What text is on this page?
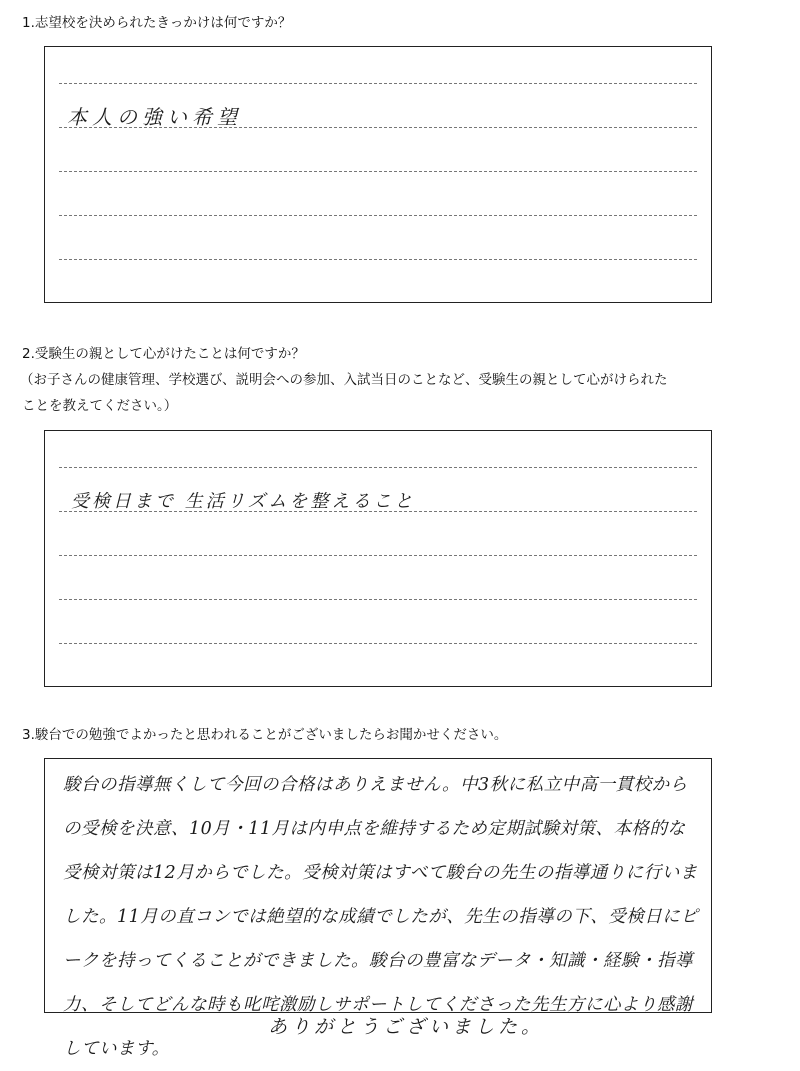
1.志望校を決められたきっかけは何ですか？

本人の強い希望

2.受験生の親として心がけたことは何ですか？

（お子さんの健康管理、学校選び、説明会への参加、入試当日のことなど、受験生の親として心がけられた

ことを教えてください。）

受検日まで 生活リズムを整えること

3.駿台での勉強でよかったと思われることがございましたらお聞かせください。

駿台の指導無くして今回の合格はありえません。中3秋に私立中高一貫校からの受検を決意、10月・11月は内申点を維持するため定期試験対策、本格的な受検対策は12月からでした。受検対策はすべて駿台の先生の指導通りに行いました。11月の直コンでは絶望的な成績でしたが、先生の指導の下、受検日にピークを持ってくることができました。駿台の豊富なデータ・知識・経験・指導力、そしてどんな時も叱咤激励しサポートしてくださった先生方に心より感謝しています。

ありがとうございました。
